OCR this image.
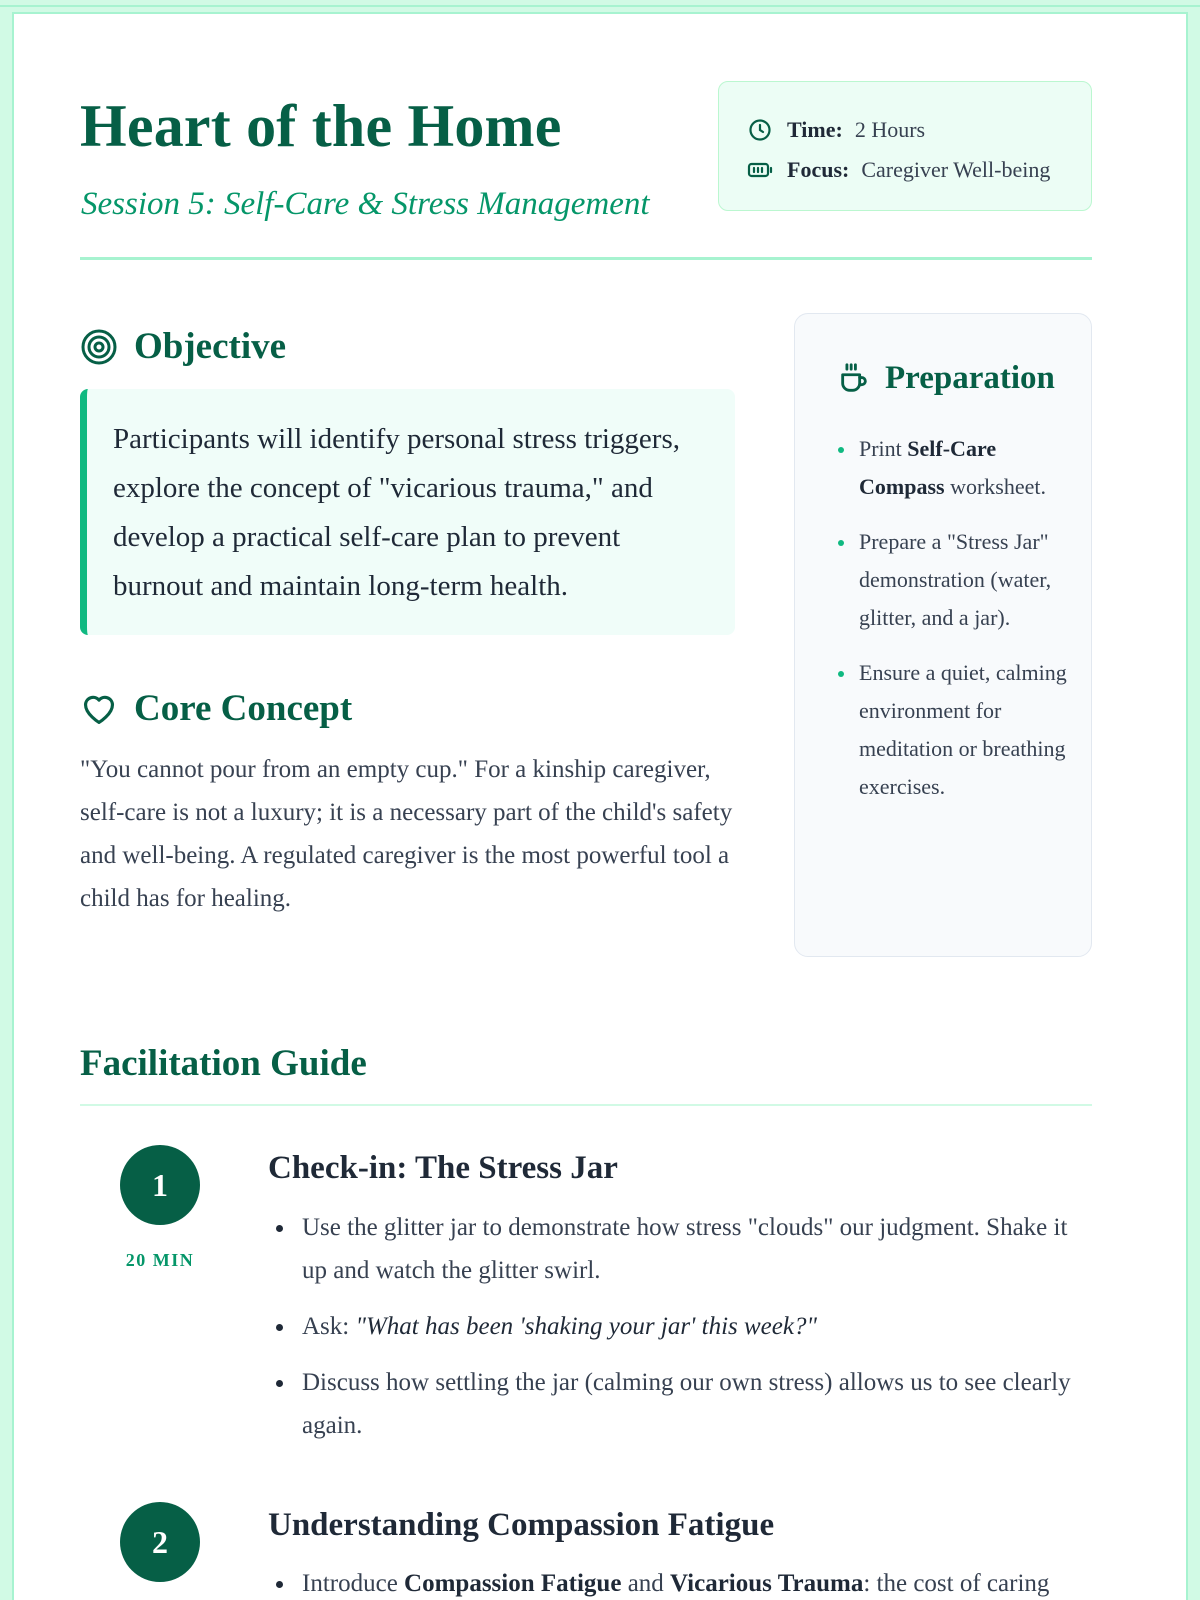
Heart of the Home
Session 5: Self-Care & Stress Management
Time: 2 Hours
Focus: Caregiver Well-being
Objective
Participants will identify personal stress triggers, explore the concept of "vicarious trauma," and develop a practical self-care plan to prevent burnout and maintain long-term health.
Core Concept

"You cannot pour from an empty cup." For a kinship caregiver, self-care is not a luxury; it is a necessary part of the child's safety and well-being. A regulated caregiver is the most powerful tool a child has for healing.

Preparation
Print Self-Care Compass worksheet.
Prepare a "Stress Jar" demonstration (water, glitter, and a jar).
Ensure a quiet, calming environment for meditation or breathing exercises.
Facilitation Guide
1
20 MIN
Check-in: The Stress Jar
Use the glitter jar to demonstrate how stress "clouds" our judgment. Shake it up and watch the glitter swirl.
Ask: "What has been 'shaking your jar' this week?"
Discuss how settling the jar (calming our own stress) allows us to see clearly again.
2	Understanding Compassion Fatigue
Introduce Compassion Fatigue and Vicarious Trauma: the cost of caring
